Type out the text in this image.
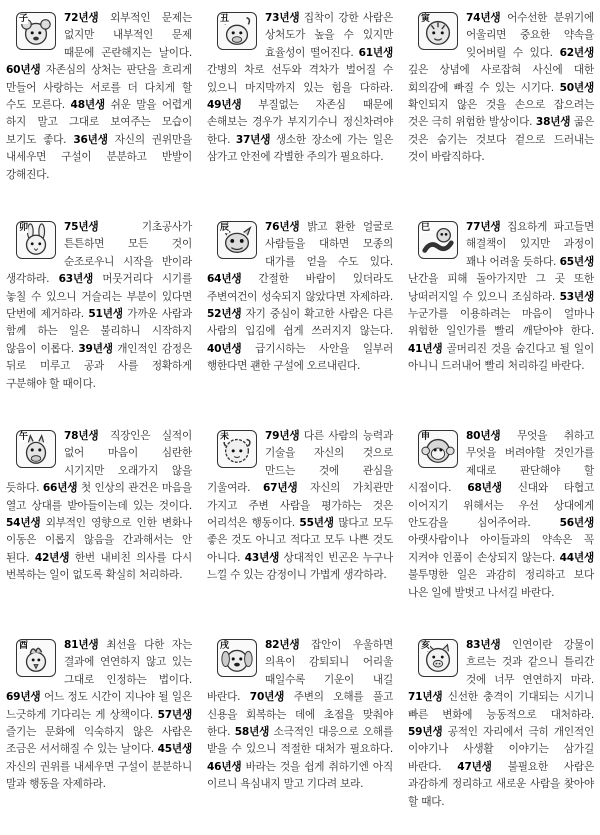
子	72년생 외부적인 문제는 없지만 내부적인 문제 때문에 곤란해지는 날이다. 60년생 자존심의 상처는 판단을 흐리게 만들어 사랑하는 서로를 더 다치게 할 수도 모른다. 48년생 쉬운 말을 어렵게 하지 말고 그대로 보여주는 모습이 보기도 좋다. 36년생 자신의 권위만을 내세우면 구설이 분분하고 반발이 강해진다.
丑	73년생 집착이 강한 사람은 상처도가 높을 수 있지만 효율성이 떨어진다. 61년생 간병의 차로 선두와 격차가 벌어질 수 있으니 마지막까지 있는 힘을 다하라. 49년생 부질없는 자존심 때문에 손해보는 경우가 부지기수니 정신차려야 한다. 37년생 생소한 장소에 가는 일은 삼가고 안전에 각별한 주의가 필요하다.
寅	74년생 어수선한 분위기에 어울리면 중요한 약속을 잊어버릴 수 있다. 62년생 깊은 상념에 사로잡혀 사신에 대한 회의감에 빠질 수 있는 시기다. 50년생 확인되지 않은 것을 손으로 잡으려는 것은 극히 위험한 발상이다. 38년생 곪은 것은 숨기는 것보다 겉으로 드러내는 것이 바람직하다.
卯	75년생 기초공사가 튼튼하면 모든 것이 순조로우니 시작을 반이라 생각하라. 63년생 머뭇거리다 시기를 놓칠 수 있으니 거슬리는 부분이 있다면 단번에 제거하라. 51년생 가까운 사람과 함께 하는 일은 불리하니 시작하지 않음이 이롭다. 39년생 개인적인 감정은 뒤로 미루고 공과 사를 정확하게 구분해야 할 때이다.
辰	76년생 밝고 환한 얼굴로 사람들을 대하면 모종의 대가를 얻을 수도 있다. 64년생 간절한 바람이 있더라도 주변여건이 성숙되지 않았다면 자제하라. 52년생 자기 중심이 확고한 사람은 다른 사람의 입김에 쉽게 쓰러지지 않는다. 40년생 급기시하는 사안을 일부러 행한다면 괜한 구설에 오르내린다.
巳	77년생 집요하게 파고들면 해결책이 있지만 과정이 꽤나 어려울 듯하다. 65년생 난간을 피해 돌아가지만 그 곳 또한 낭떠러지일 수 있으니 조심하라. 53년생 누군가를 이용하려는 마음이 얼마나 위험한 일인가를 빨리 깨닫아야 한다. 41년생 골머리진 것을 숨긴다고 될 일이 아니니 드러내어 빨리 처리하길 바란다.
午	78년생 직장인은 실적이 없어 마음이 심란한 시기지만 오래가지 않을 듯하다. 66년생 첫 인상의 관건은 마음을 열고 상대를 받아들이는데 있는 것이다. 54년생 외부적인 영향으로 인한 변화나 이동은 이롭지 않음을 간과해서는 안 된다. 42년생 한번 내비친 의사를 다시 번복하는 일이 없도록 확실히 처리하라.
未	79년생 다른 사람의 능력과 기술을 자신의 것으로 만드는 것에 관심을 기울여라. 67년생 자신의 가치관만 가지고 주변 사람을 평가하는 것은 어리석은 행동이다. 55년생 많다고 모두 좋은 것도 아니고 적다고 모두 나쁜 것도 아니다. 43년생 상대적인 빈곤은 누구나 느낄 수 있는 감정이니 가볍게 생각하라.
申	80년생 무엇을 취하고 무엇을 버려야할 것인가를 제대로 판단해야 할 시점이다. 68년생 신대와 타협고 이어지기 위해서는 우선 상대에게 안도감을 심어주어라. 56년생 아랫사람이나 아이들과의 약속은 꼭 지켜야 인품이 손상되지 않는다. 44년생 불투명한 일은 과감히 정리하고 보다 나은 일에 발벗고 나서길 바란다.
酉	81년생 최선을 다한 자는 결과에 연연하지 않고 있는 그대로 인정하는 법이다. 69년생 어느 정도 시간이 지나야 될 일은 느긋하게 기다리는 게 상책이다. 57년생 즐기는 문화에 익숙하지 않은 사람은 조금은 서서해질 수 있는 날이다. 45년생 자신의 권위를 내세우면 구설이 분분하니 말과 행동을 자제하라.
戌	82년생 잡안이 우울하면 의욕이 감퇴되니 어리울 때일수록 기운이 내길 바란다. 70년생 주변의 오해를 풀고 신용을 회복하는 데에 초점을 맞춰야 한다. 58년생 소극적인 대응으로 오해를 받을 수 있으니 적절한 대처가 필요하다. 46년생 바라는 것을 쉽게 취하기엔 아직 이르니 욕심내지 말고 기다려 보라.
亥	83년생 인연이란 강물이 흐르는 것과 같으니 틀리간 것에 너무 연연하지 마라. 71년생 신선한 충격이 기대되는 시기니 빠른 변화에 능동적으로 대처하라. 59년생 공적인 자리에서 극히 개인적인 이야기나 사생활 이야기는 삼가길 바란다. 47년생 불필요한 사람은 과감하게 정리하고 새로운 사람을 찾아야 할 때다.
